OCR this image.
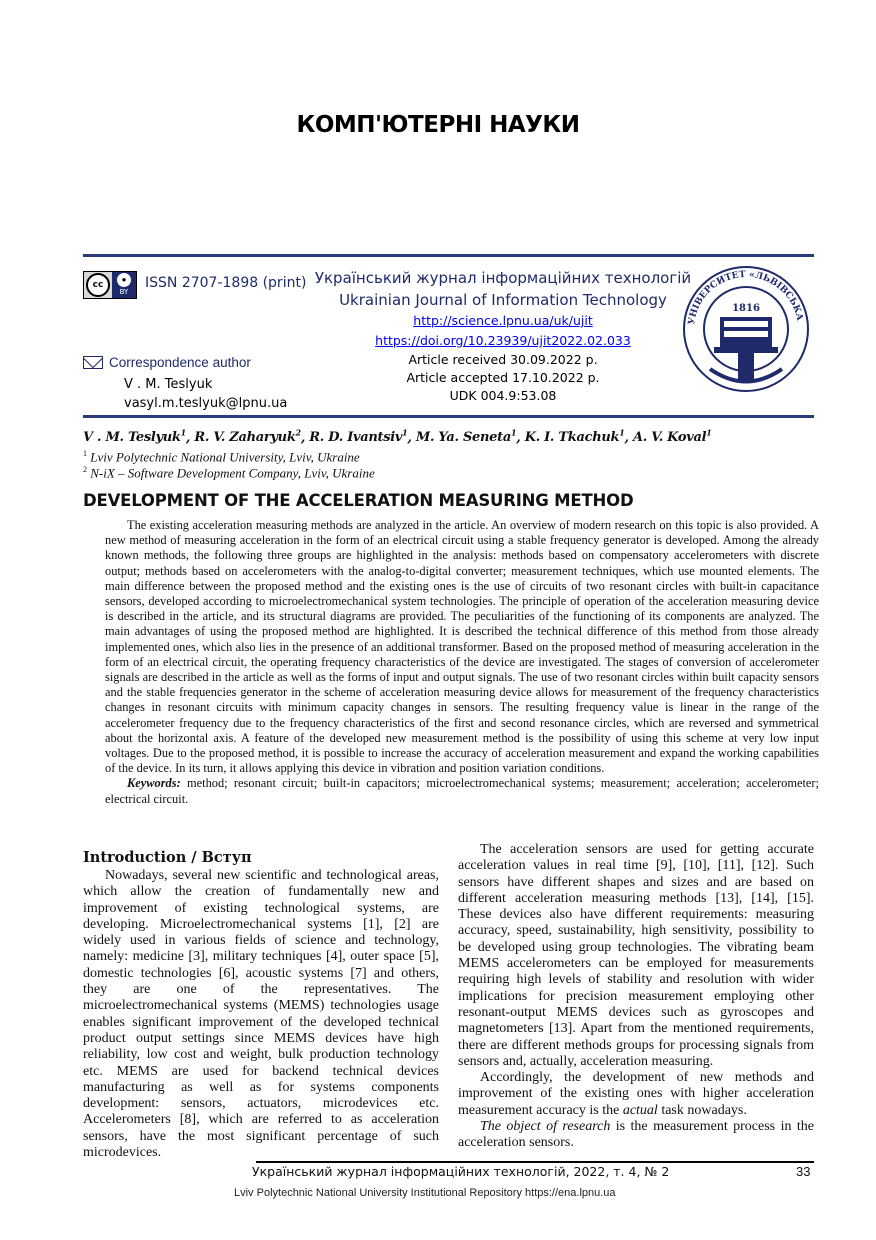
КОМП'ЮТЕРНІ НАУКИ
cc
●
BY
ISSN 2707-1898 (print)
Correspondence author
V . M. Teslyuk
vasyl.m.teslyuk@lpnu.ua
Український журнал інформаційних технологій
Ukrainian Journal of Information Technology
http://science.lpnu.ua/uk/ujit
https://doi.org/10.23939/ujit2022.02.033
Article received 30.09.2022 р.
Article accepted 17.10.2022 р.
UDK 004.9:53.08
УНІВЕРСИТЕТ «ЛЬВІВСЬКА
1816
V . M. Teslyuk$^1$, R. V. Zaharyuk$^2$, R. D. Ivantsiv$^1$, M. Ya. Seneta$^1$, K. I. Tkachuk$^1$, A. V. Koval$^1$
$^1$ Lviv Polytechnic National University, Lviv, Ukraine
$^2$ N-iX – Software Development Company, Lviv, Ukraine
DEVELOPMENT OF THE ACCELERATION MEASURING METHOD

The existing acceleration measuring methods are analyzed in the article. An overview of modern research on this topic is also provided. A new method of measuring acceleration in the form of an electrical circuit using a stable frequency generator is developed. Among the already known methods, the following three groups are highlighted in the analysis: methods based on compensatory accelerometers with discrete output; methods based on accelerometers with the analog-to-digital converter; measurement techniques, which use mounted elements. The main difference between the proposed method and the existing ones is the use of circuits of two resonant circles with built-in capacitance sensors, developed according to microelectromechanical system technologies. The principle of operation of the acceleration measuring device is described in the article, and its structural diagrams are provided. The peculiarities of the functioning of its components are analyzed. The main advantages of using the proposed method are highlighted. It is described the technical difference of this method from those already implemented ones, which also lies in the presence of an additional transformer. Based on the proposed method of measuring acceleration in the form of an electrical circuit, the operating frequency characteristics of the device are investigated. The stages of conversion of accelerometer signals are described in the article as well as the forms of input and output signals. The use of two resonant circles within built capacity sensors and the stable frequencies generator in the scheme of acceleration measuring device allows for measurement of the frequency characteristics changes in resonant circuits with minimum capacity changes in sensors. The resulting frequency value is linear in the range of the accelerometer frequency due to the frequency characteristics of the first and second resonance circles, which are reversed and symmetrical about the horizontal axis. A feature of the developed new measurement method is the possibility of using this scheme at very low input voltages. Due to the proposed method, it is possible to increase the accuracy of acceleration measurement and expand the working capabilities of the device. In its turn, it allows applying this device in vibration and position variation conditions.

Keywords: method; resonant circuit; built-in capacitors; microelectromechanical systems; measurement; acceleration; accelerometer; electrical circuit.

Introduction / Вступ

Nowadays, several new scientific and technological areas, which allow the creation of fundamentally new and improvement of existing technological systems, are developing. Microelectromechanical systems [1], [2] are widely used in various fields of science and technology, namely: medicine [3], military techniques [4], outer space [5], domestic technologies [6], acoustic systems [7] and others, they are one of the representatives. The microelectromechanical systems (MEMS) technologies usage enables significant improvement of the developed technical product output settings since MEMS devices have high reliability, low cost and weight, bulk production technology etc. MEMS are used for backend technical devices manufacturing as well as for systems components development: sensors, actuators, microdevices etc. Accelerometers [8], which are referred to as acceleration sensors, have the most significant percentage of such microdevices.

The acceleration sensors are used for getting accurate acceleration values in real time [9], [10], [11], [12]. Such sensors have different shapes and sizes and are based on different acceleration measuring methods [13], [14], [15]. These devices also have different requirements: measuring accuracy, speed, sustainability, high sensitivity, possibility to be developed using group technologies. The vibrating beam MEMS accelerometers can be employed for measurements requiring high levels of stability and resolution with wider implications for precision measurement employing other resonant-output MEMS devices such as gyroscopes and magnetometers [13]. Apart from the mentioned requirements, there are different methods groups for processing signals from sensors and, actually, acceleration measuring.

Accordingly, the development of new methods and improvement of the existing ones with higher acceleration measurement accuracy is the actual task nowadays.

The object of research is the measurement process in the acceleration sensors.

Український журнал інформаційних технологій, 2022, т. 4, № 2	33
Lviv Polytechnic National University Institutional Repository https://ena.lpnu.ua
